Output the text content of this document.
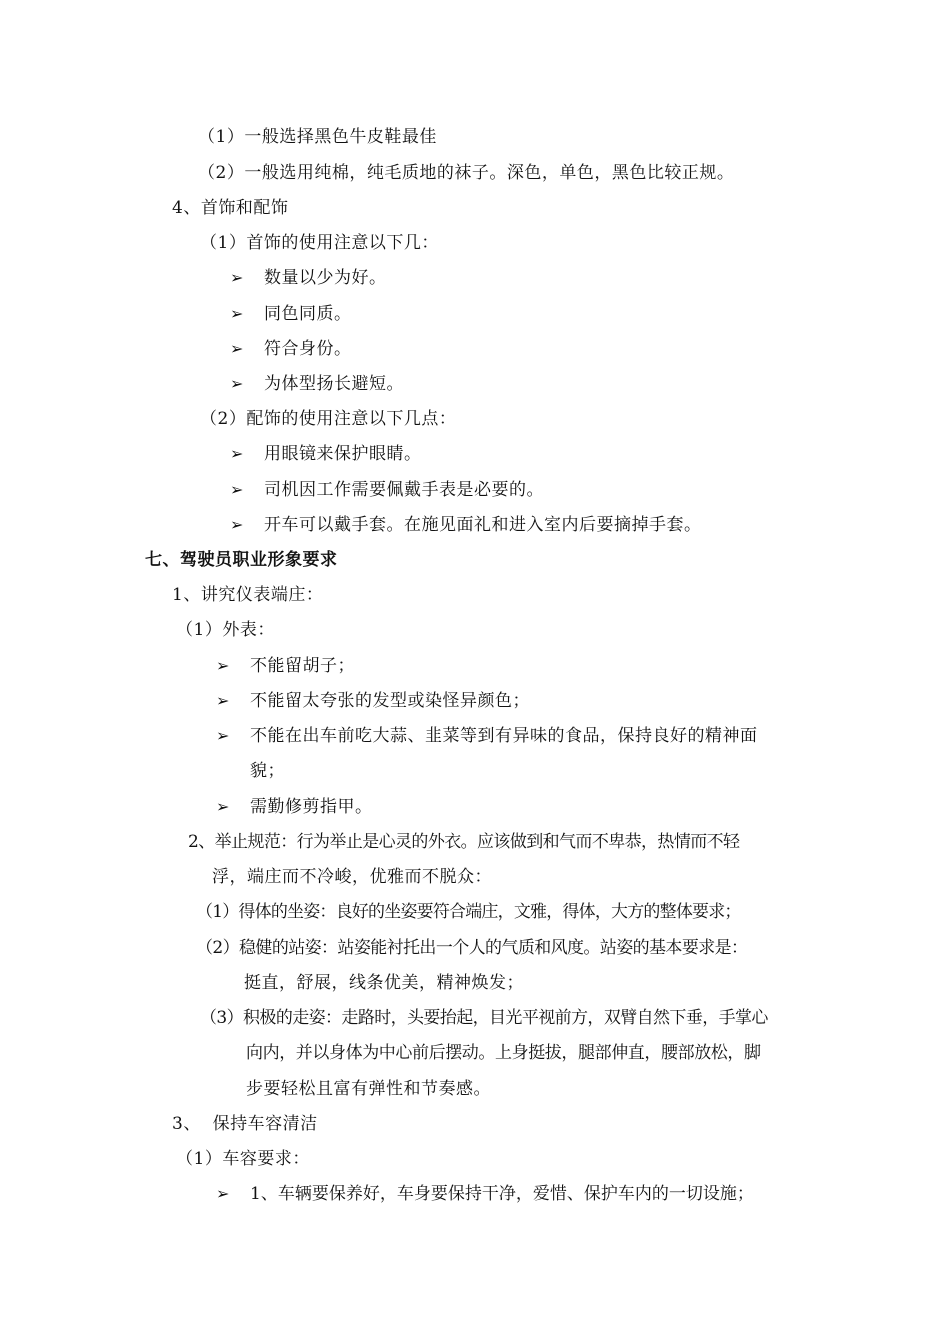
（1）一般选择黑色牛皮鞋最佳
（2）一般选用纯棉，纯毛质地的袜子。深色，单色，黑色比较正规。
4、首饰和配饰
（1）首饰的使用注意以下几：
➢ 数量以少为好。
➢ 同色同质。
➢ 符合身份。
➢ 为体型扬长避短。
（2）配饰的使用注意以下几点：
➢ 用眼镜来保护眼睛。
➢ 司机因工作需要佩戴手表是必要的。
➢ 开车可以戴手套。在施见面礼和进入室内后要摘掉手套。
七、驾驶员职业形象要求
1、讲究仪表端庄：
（1）外表：
➢ 不能留胡子；
➢ 不能留太夸张的发型或染怪异颜色；
➢ 不能在出车前吃大蒜、韭菜等到有异味的食品，保持良好的精神面
貌；
➢ 需勤修剪指甲。
2、举止规范：行为举止是心灵的外衣。应该做到和气而不卑恭，热情而不轻
浮，端庄而不冷峻，优雅而不脱众：
（1）得体的坐姿：良好的坐姿要符合端庄，文雅，得体，大方的整体要求；
（2）稳健的站姿：站姿能衬托出一个人的气质和风度。站姿的基本要求是：
挺直，舒展，线条优美，精神焕发；
（3）积极的走姿：走路时，头要抬起，目光平视前方，双臂自然下垂，手掌心
向内，并以身体为中心前后摆动。上身挺拔，腿部伸直，腰部放松，脚
步要轻松且富有弹性和节奏感。
3、  保持车容清洁
（1）车容要求：
➢ 1、车辆要保养好，车身要保持干净，爱惜、保护车内的一切设施；
